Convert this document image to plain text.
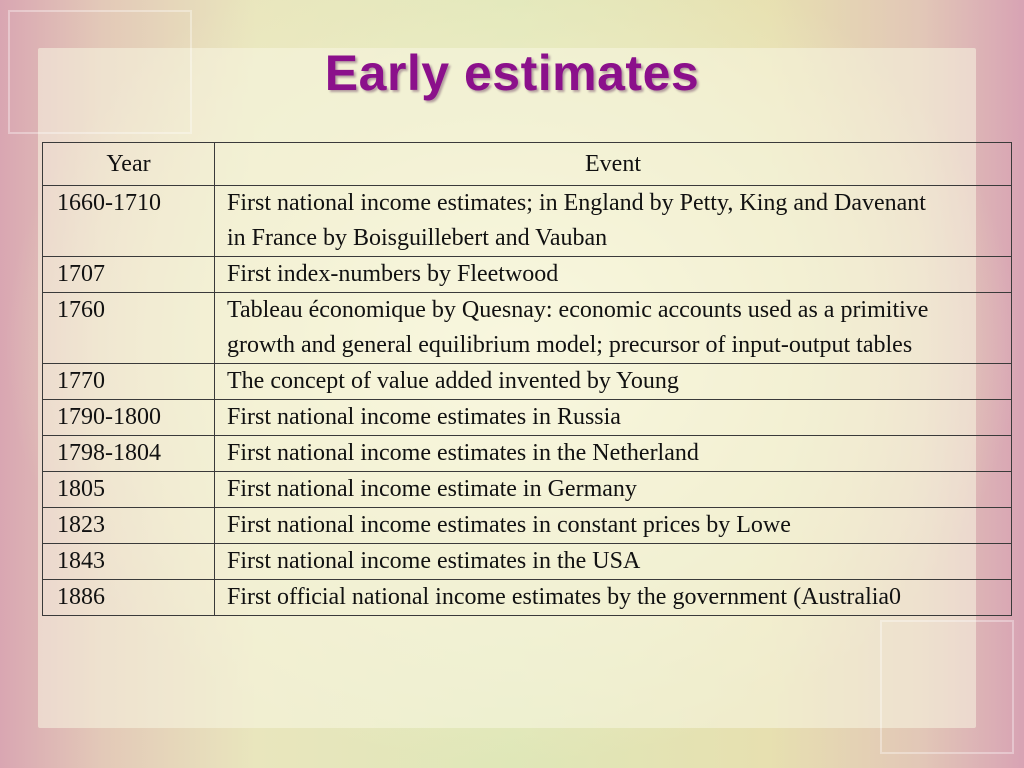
Early estimates
Year	Event
1660-1710	First national income estimates; in England by Petty, King and Davenant
in France by Boisguillebert and Vauban

1707	First index-numbers by Fleetwood

1760	Tableau économique by Quesnay: economic accounts used as a primitive growth and general equilibrium model; precursor of input-output tables

1770	The concept of value added invented by Young

1790-1800	First national income estimates in Russia

1798-1804	First national income estimates in the Netherland

1805	First national income estimate in Germany

1823	First national income estimates in constant prices by Lowe

1843	First national income estimates in the USA

1886	First official national income estimates by the government (Australia0
